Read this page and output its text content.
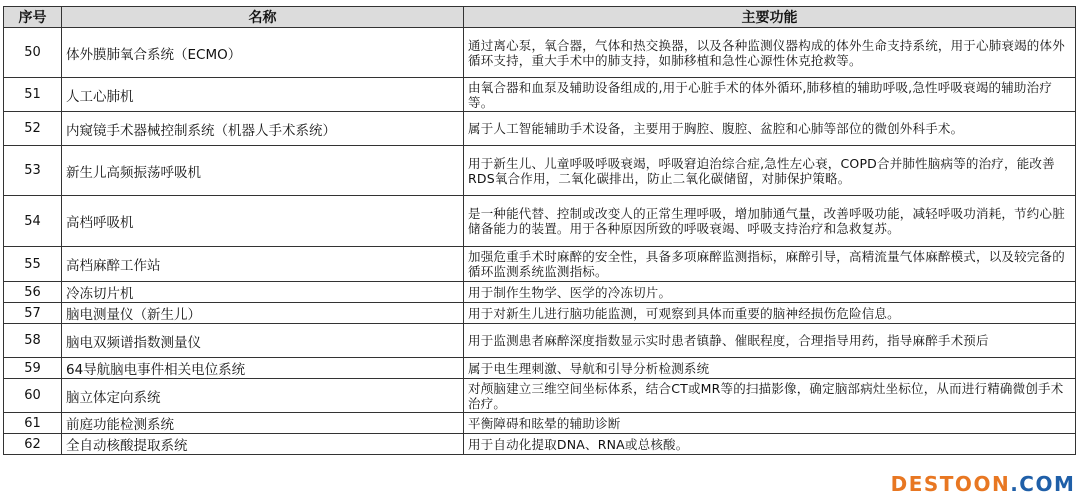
序号	名称	主要功能
50	体外膜肺氧合系统（ECMO）	通过离心泵，氧合器，气体和热交换器，以及各种监测仪器构成的体外生命支持系统，用于心肺衰竭的体外循环支持，重大手术中的肺支持，如肺移植和急性心源性休克抢救等。
51	人工心肺机	由氧合器和血泵及辅助设备组成的,用于心脏手术的体外循环,肺移植的辅助呼吸,急性呼吸衰竭的辅助治疗等。
52	内窥镜手术器械控制系统（机器人手术系统）	属于人工智能辅助手术设备，主要用于胸腔、腹腔、盆腔和心肺等部位的微创外科手术。
53	新生儿高频振荡呼吸机	用于新生儿、儿童呼吸呼吸衰竭，呼吸窘迫治综合症,急性左心衰，COPD合并肺性脑病等的治疗，能改善RDS氧合作用，二氧化碳排出，防止二氧化碳储留，对肺保护策略。
54	高档呼吸机	是一种能代替、控制或改变人的正常生理呼吸，增加肺通气量，改善呼吸功能，减轻呼吸功消耗，节约心脏储备能力的装置。用于各种原因所致的呼吸衰竭、呼吸支持治疗和急救复苏。
55	高档麻醉工作站	加强危重手术时麻醉的安全性，具备多项麻醉监测指标，麻醉引导，高精流量气体麻醉模式，以及较完备的循环监测系统监测指标。
56	冷冻切片机	用于制作生物学、医学的冷冻切片。
57	脑电测量仪（新生儿）	用于对新生儿进行脑功能监测，可观察到具体而重要的脑神经损伤危险信息。
58	脑电双频谱指数测量仪	用于监测患者麻醉深度指数显示实时患者镇静、催眠程度，合理指导用药，指导麻醉手术预后
59	64导航脑电事件相关电位系统	属于电生理刺激、导航和引导分析检测系统
60	脑立体定向系统	对颅脑建立三维空间坐标体系，结合CT或MR等的扫描影像，确定脑部病灶坐标位，从而进行精确微创手术治疗。
61	前庭功能检测系统	平衡障碍和眩晕的辅助诊断
62	全自动核酸提取系统	用于自动化提取DNA、RNA或总核酸。
DESTOON .COM
